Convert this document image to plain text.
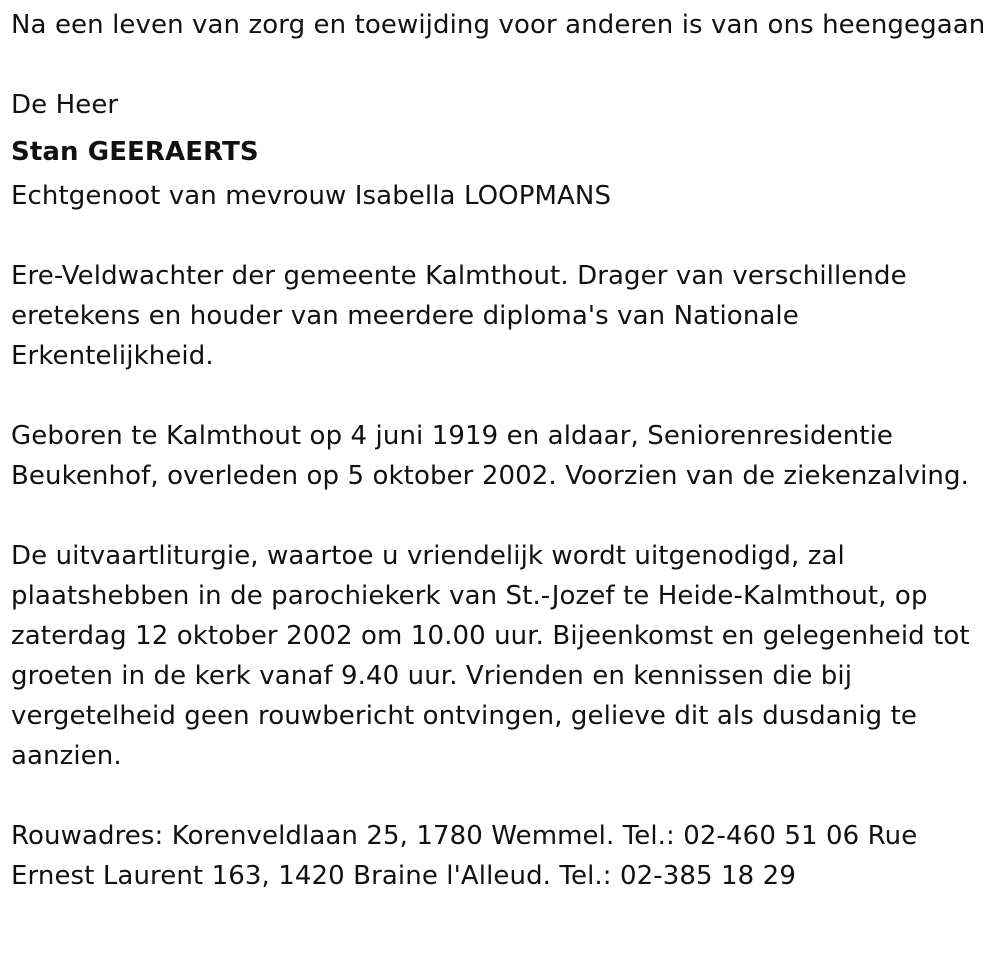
Na een leven van zorg en toewijding voor anderen is van ons heengegaan

De Heer

Stan GEERAERTS

Echtgenoot van mevrouw Isabella LOOPMANS

Ere-Veldwachter der gemeente Kalmthout. Drager van verschillende eretekens en houder van meerdere diploma's van Nationale Erkentelijkheid.

Geboren te Kalmthout op 4 juni 1919 en aldaar, Seniorenresidentie Beukenhof, overleden op 5 oktober 2002. Voorzien van de ziekenzalving.

De uitvaartliturgie, waartoe u vriendelijk wordt uitgenodigd, zal plaatshebben in de parochiekerk van St.-Jozef te Heide-Kalmthout, op zaterdag 12 oktober 2002 om 10.00 uur. Bijeenkomst en gelegenheid tot groeten in de kerk vanaf 9.40 uur. Vrienden en kennissen die bij vergetelheid geen rouwbericht ontvingen, gelieve dit als dusdanig te aanzien.

Rouwadres: Korenveldlaan 25, 1780 Wemmel. Tel.: 02-460 51 06 Rue Ernest Laurent 163, 1420 Braine l'Alleud. Tel.: 02-385 18 29
